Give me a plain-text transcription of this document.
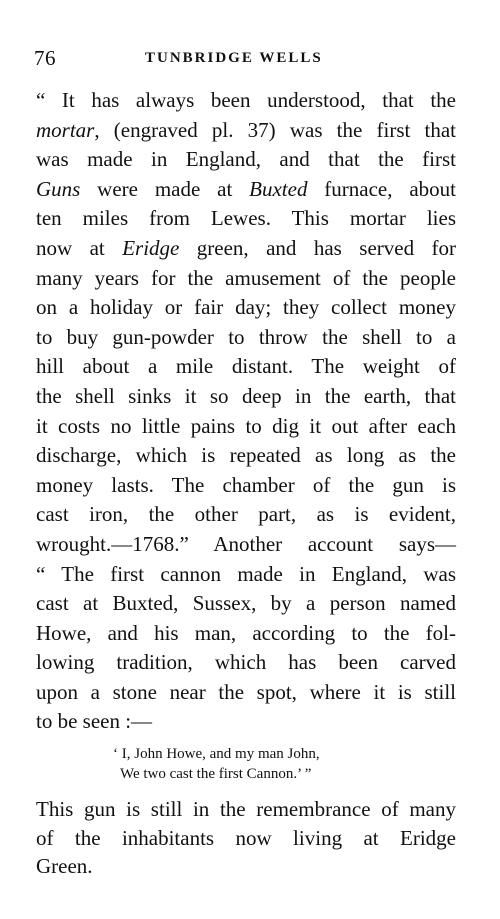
76	TUNBRIDGE WELLS
“ It has always been understood, that the
mortar, (engraved pl. 37) was the first that
was made in England, and that the first
Guns were made at Buxted furnace, about
ten miles from Lewes. This mortar lies
now at Eridge green, and has served for
many years for the amusement of the people
on a holiday or fair day; they collect money
to buy gun-powder to throw the shell to a
hill about a mile distant. The weight of
the shell sinks it so deep in the earth, that
it costs no little pains to dig it out after each
discharge, which is repeated as long as the
money lasts. The chamber of the gun is
cast iron, the other part, as is evident,
wrought.—1768.” Another account says—
“ The first cannon made in England, was
cast at Buxted, Sussex, by a person named
Howe, and his man, according to the fol-
lowing tradition, which has been carved
upon a stone near the spot, where it is still
to be seen :—
‘ I, John Howe, and my man John,
We two cast the first Cannon.’ ”
This gun is still in the remembrance of many
of the inhabitants now living at Eridge
Green.
